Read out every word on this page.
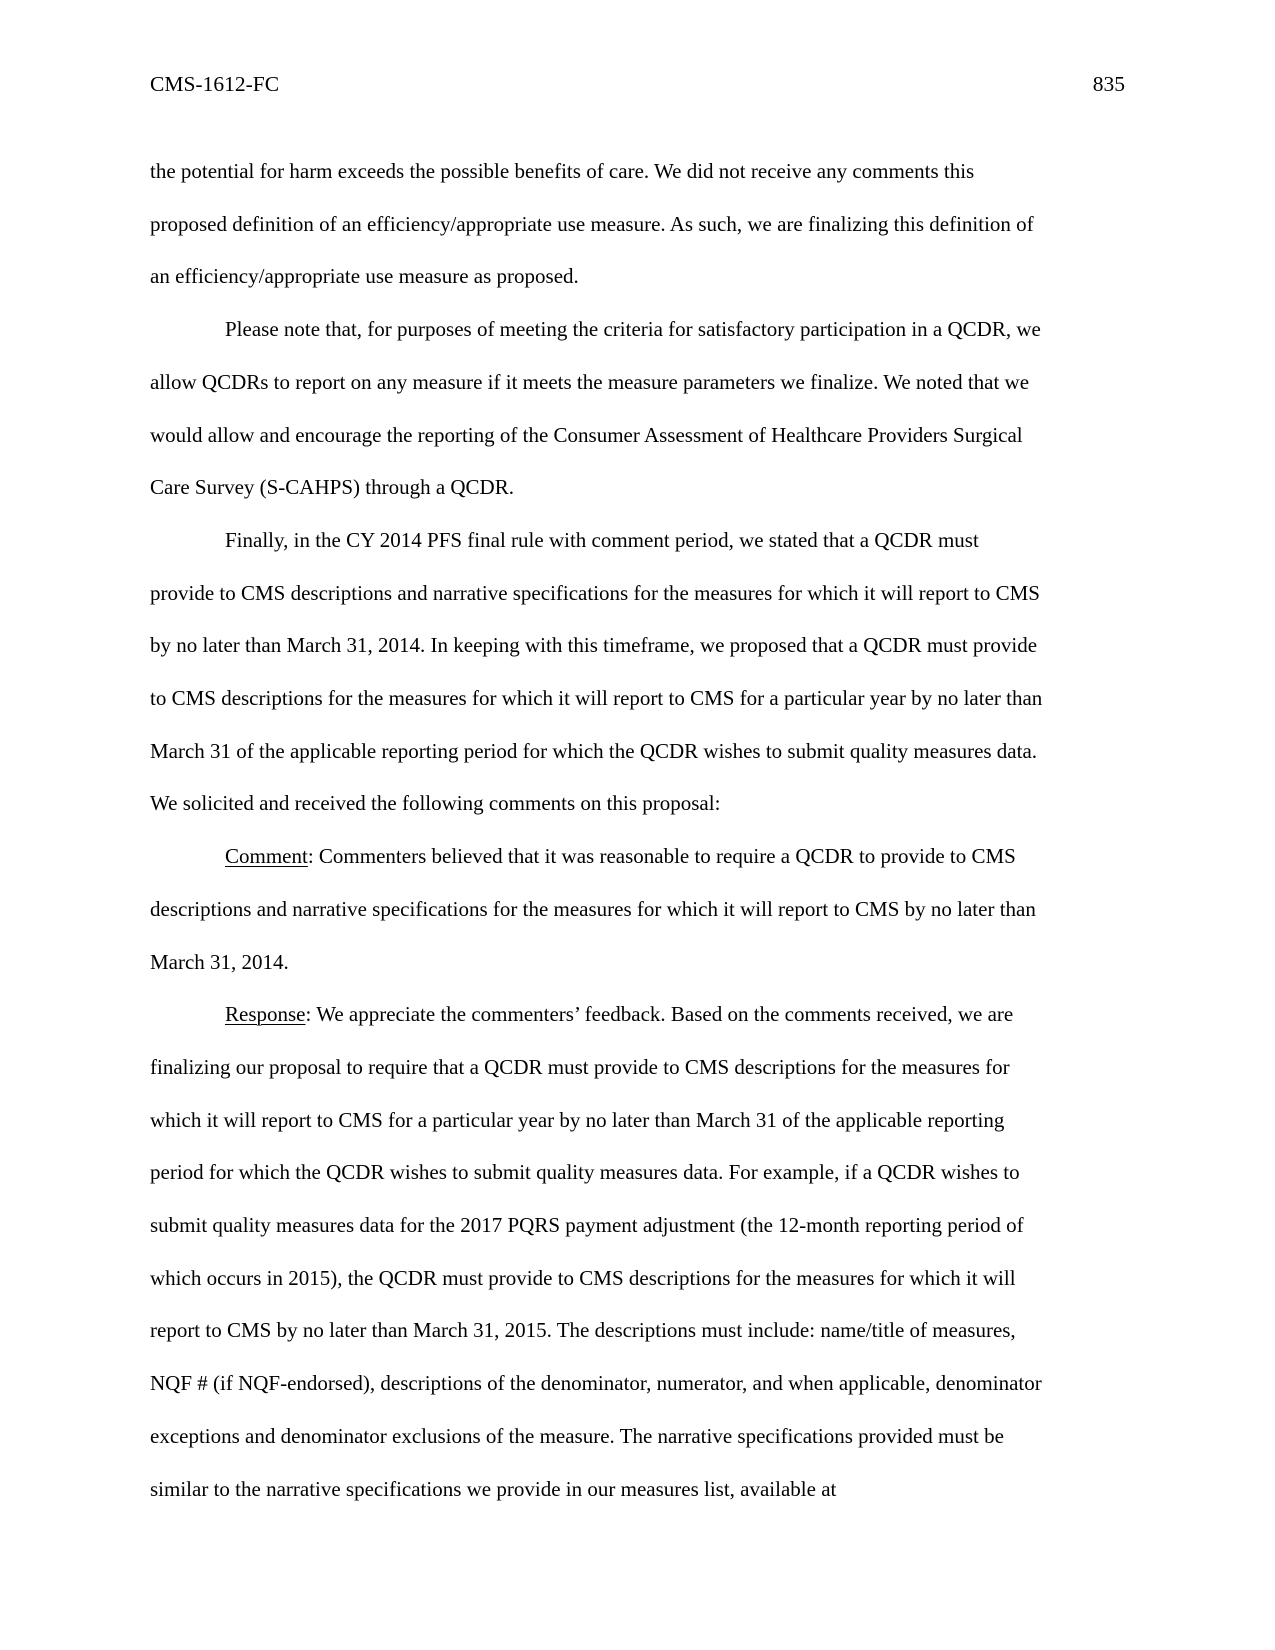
CMS-1612-FC	835

the potential for harm exceeds the possible benefits of care. We did not receive any comments this

proposed definition of an efficiency/appropriate use measure. As such, we are finalizing this definition of

an efficiency/appropriate use measure as proposed.

Please note that, for purposes of meeting the criteria for satisfactory participation in a QCDR, we

allow QCDRs to report on any measure if it meets the measure parameters we finalize. We noted that we

would allow and encourage the reporting of the Consumer Assessment of Healthcare Providers Surgical

Care Survey (S-CAHPS) through a QCDR.

Finally, in the CY 2014 PFS final rule with comment period, we stated that a QCDR must

provide to CMS descriptions and narrative specifications for the measures for which it will report to CMS

by no later than March 31, 2014. In keeping with this timeframe, we proposed that a QCDR must provide

to CMS descriptions for the measures for which it will report to CMS for a particular year by no later than

March 31 of the applicable reporting period for which the QCDR wishes to submit quality measures data.

We solicited and received the following comments on this proposal:

Comment: Commenters believed that it was reasonable to require a QCDR to provide to CMS

descriptions and narrative specifications for the measures for which it will report to CMS by no later than

March 31, 2014.

Response: We appreciate the commenters’ feedback. Based on the comments received, we are

finalizing our proposal to require that a QCDR must provide to CMS descriptions for the measures for

which it will report to CMS for a particular year by no later than March 31 of the applicable reporting

period for which the QCDR wishes to submit quality measures data. For example, if a QCDR wishes to

submit quality measures data for the 2017 PQRS payment adjustment (the 12-month reporting period of

which occurs in 2015), the QCDR must provide to CMS descriptions for the measures for which it will

report to CMS by no later than March 31, 2015. The descriptions must include: name/title of measures,

NQF # (if NQF-endorsed), descriptions of the denominator, numerator, and when applicable, denominator

exceptions and denominator exclusions of the measure. The narrative specifications provided must be

similar to the narrative specifications we provide in our measures list, available at
